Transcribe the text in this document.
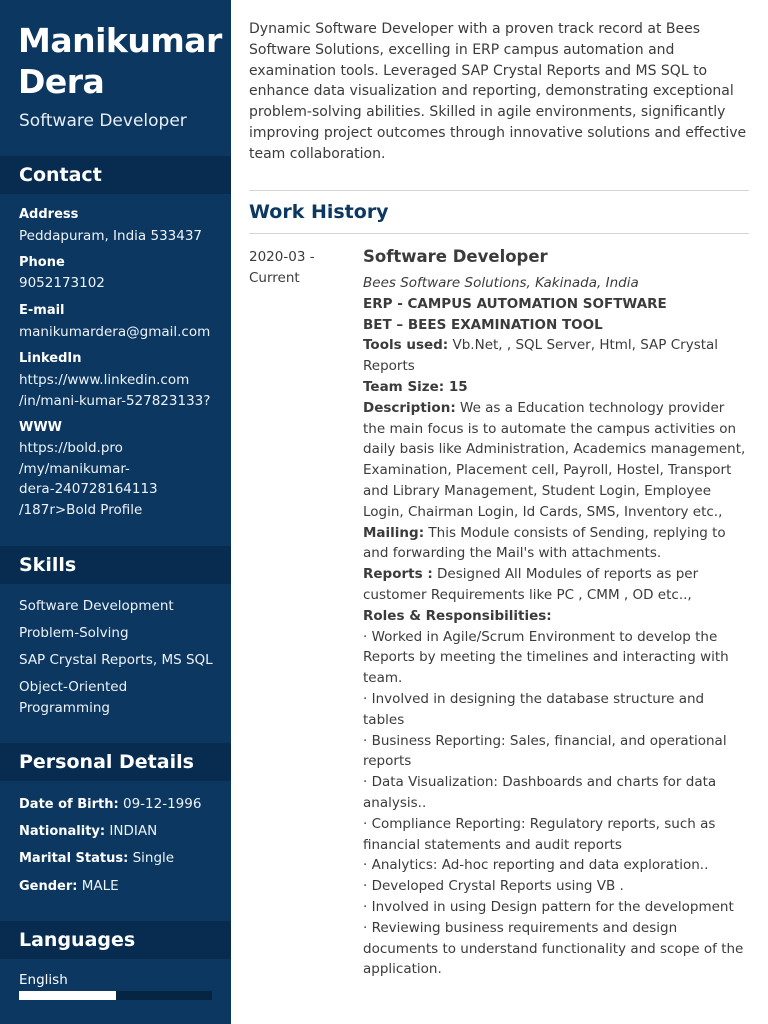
Manikumar
Dera
Software Developer
Contact
Address
Peddapuram, India 533437
Phone
9052173102
E-mail
manikumardera@gmail.com
LinkedIn
https://www.linkedin.com
/in/mani-kumar-527823133?
WWW
https://bold.pro
/my/manikumar-
dera-240728164113
/187r>Bold Profile
Skills
Software Development
Problem-Solving
SAP Crystal Reports, MS SQL
Object-Oriented Programming
Personal Details
Date of Birth: 09-12-1996
Nationality: INDIAN
Marital Status: Single
Gender: MALE
Languages
English
Dynamic Software Developer with a proven track record at Bees Software Solutions, excelling in ERP campus automation and examination tools. Leveraged SAP Crystal Reports and MS SQL to enhance data visualization and reporting, demonstrating exceptional problem-solving abilities. Skilled in agile environments, significantly improving project outcomes through innovative solutions and effective team collaboration.
Work History
2020-03 -
Current
Software Developer

Bees Software Solutions, Kakinada, India

ERP - CAMPUS AUTOMATION SOFTWARE

BET – BEES EXAMINATION TOOL

Tools used: Vb.Net, , SQL Server, Html, SAP Crystal Reports

Team Size: 15

Description: We as a Education technology provider the main focus is to automate the campus activities on daily basis like Administration, Academics management, Examination, Placement cell, Payroll, Hostel, Transport and Library Management, Student Login, Employee Login, Chairman Login, Id Cards, SMS, Inventory etc.,

Mailing: This Module consists of Sending, replying to and forwarding the Mail's with attachments.

Reports : Designed All Modules of reports as per customer Requirements like PC , CMM , OD etc..,

Roles & Responsibilities:

· Worked in Agile/Scrum Environment to develop the Reports by meeting the timelines and interacting with team.

· Involved in designing the database structure and tables

· Business Reporting: Sales, financial, and operational reports

· Data Visualization: Dashboards and charts for data analysis..

· Compliance Reporting: Regulatory reports, such as financial statements and audit reports

· Analytics: Ad-hoc reporting and data exploration..

· Developed Crystal Reports using VB .

· Involved in using Design pattern for the development

· Reviewing business requirements and design documents to understand functionality and scope of the application.
